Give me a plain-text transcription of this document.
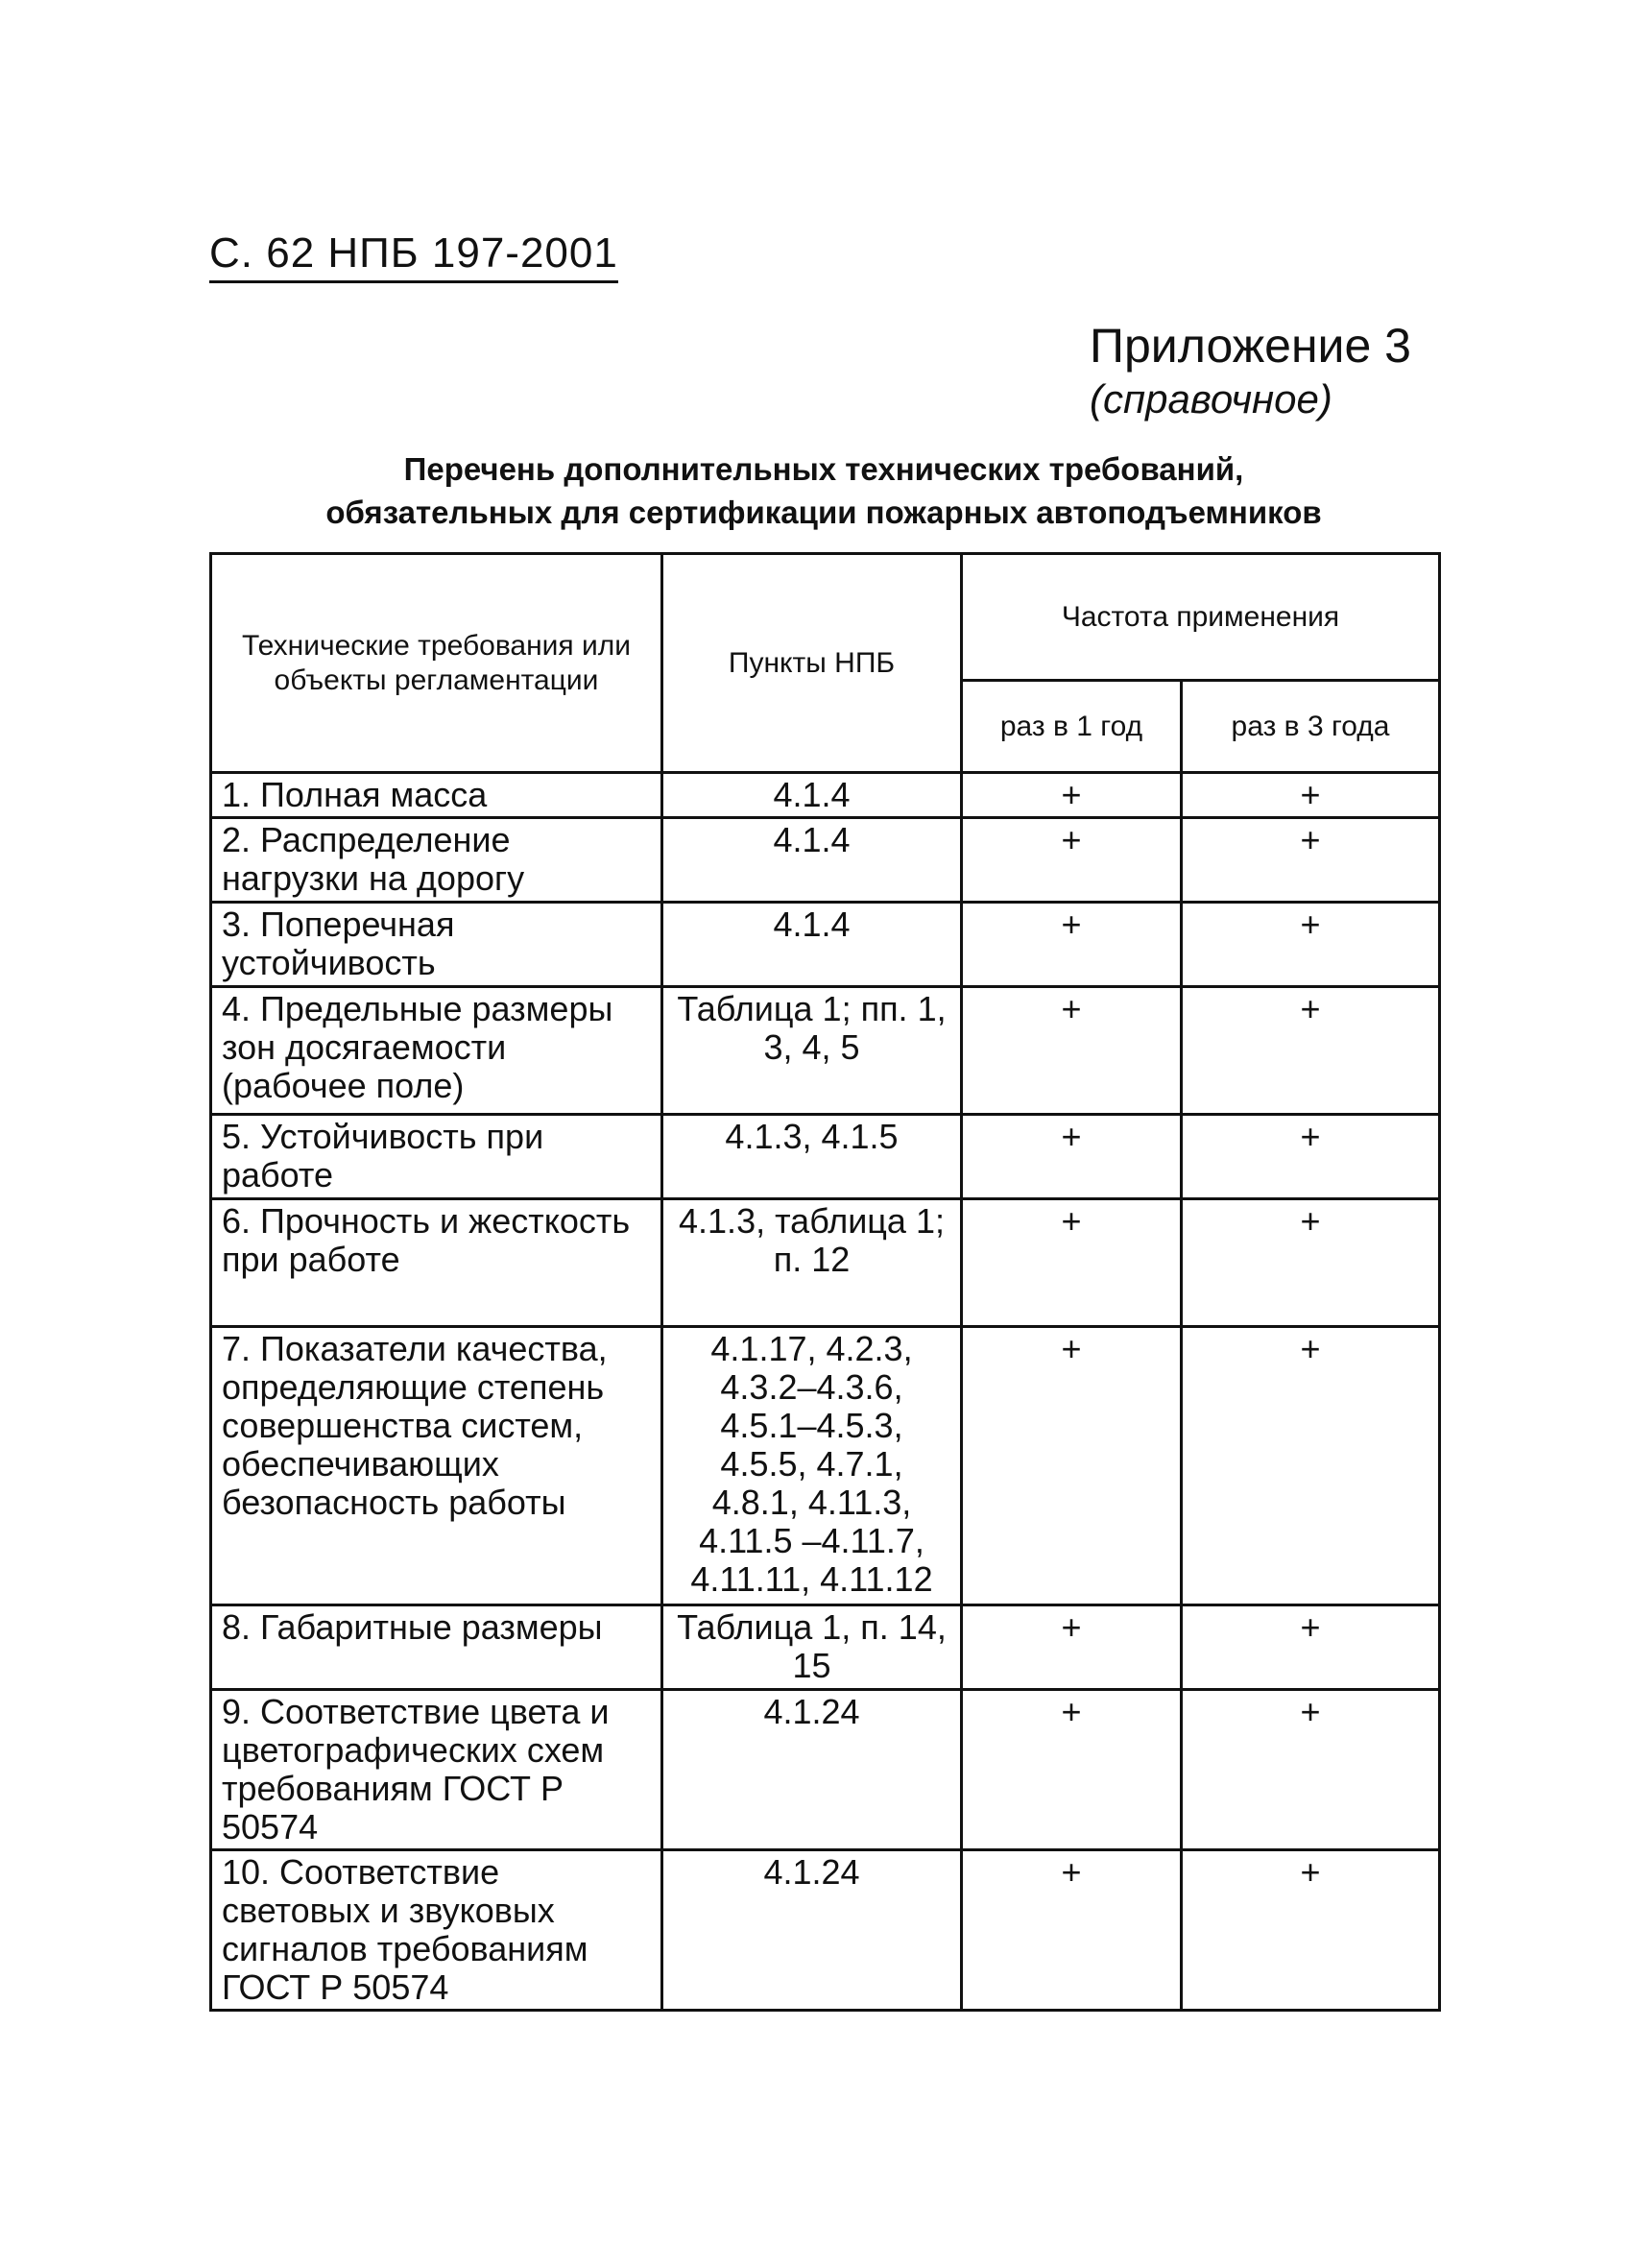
С. 62 НПБ 197-2001
Приложение 3
(справочное)
Перечень дополнительных технических требований,
обязательных для сертификации пожарных автоподъемников
Технические требования или объекты регламентации	Пункты НПБ	Частота применения	
		раз в 1 год	раз в 3 года
1. Полная масса	4.1.4	+	+
2. Распределение нагрузки на дорогу	4.1.4	+	+
3. Поперечная устойчивость	4.1.4	+	+
4. Предельные размеры зон досягаемости (рабочее поле)	Таблица 1; пп. 1, 3, 4, 5	+	+
5. Устойчивость при работе	4.1.3, 4.1.5	+	+
6. Прочность и жесткость при работе	4.1.3, таблица 1; п. 12	+	+
7. Показатели качества, определяющие степень совершенства систем, обеспечивающих безопасность работы	4.1.17, 4.2.3, 4.3.2–4.3.6, 4.5.1–4.5.3, 4.5.5, 4.7.1, 4.8.1, 4.11.3, 4.11.5 –4.11.7, 4.11.11, 4.11.12	+	+
8. Габаритные размеры	Таблица 1, п. 14, 15	+	+
9. Соответствие цвета и цветографических схем требованиям ГОСТ Р 50574	4.1.24	+	+
10. Соответствие световых и звуковых сигналов требованиям ГОСТ Р 50574	4.1.24	+	+
